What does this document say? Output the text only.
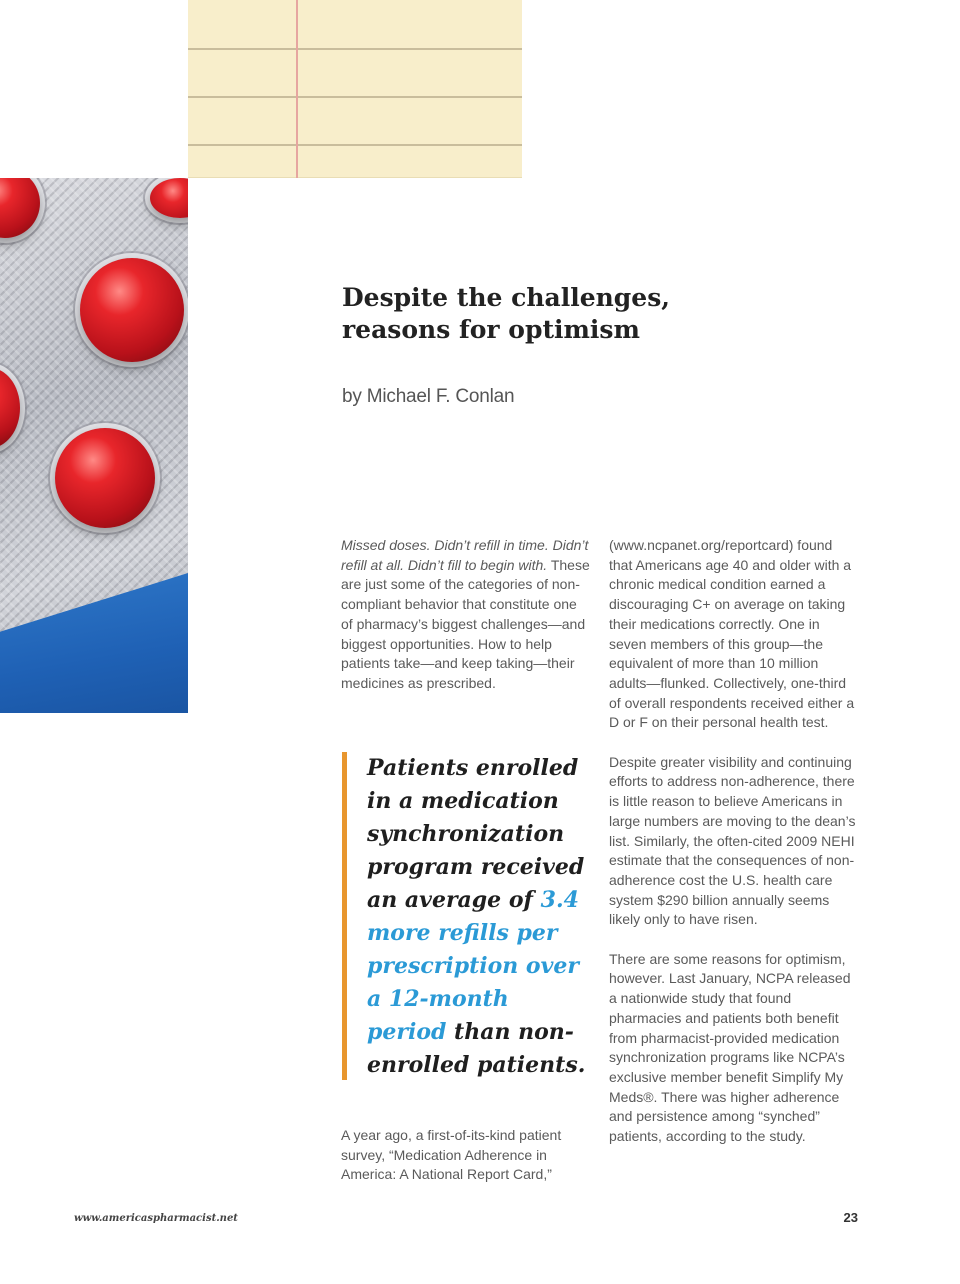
Despite the challenges,
reasons for optimism

by Michael F. Conlan

Missed doses. Didn’t refill in time. Didn’t refill at all. Didn’t fill to begin with. These are just some of the categories of non-compliant behavior that constitute one of pharmacy’s biggest challenges—and biggest opportunities. How to help patients take—and keep taking—their medicines as prescribed.

Patients enrolled in a medication synchronization program received an average of 3.4 more refills per prescription over a 12-month period than non-enrolled patients.

A year ago, a first-of-its-kind patient survey, “Medication Adherence in America: A National Report Card,”

(www.ncpanet.org/reportcard) found that Americans age 40 and older with a chronic medical condition earned a discouraging C+ on average on taking their medications correctly. One in seven members of this group—the equivalent of more than 10 million adults—flunked. Collectively, one-third of overall respondents received either a D or F on their personal health test.

Despite greater visibility and continuing efforts to address non-adherence, there is little reason to believe Americans in large numbers are moving to the dean’s list. Similarly, the often-cited 2009 NEHI estimate that the consequences of non-adherence cost the U.S. health care system $290 billion annually seems likely only to have risen.

There are some reasons for optimism, however. Last January, NCPA released a nationwide study that found pharmacies and patients both benefit from pharmacist-provided medication synchronization programs like NCPA’s exclusive member benefit Simplify My Meds®. There was higher adherence and persistence among “synched” patients, according to the study.

www.americaspharmacist.net	23
